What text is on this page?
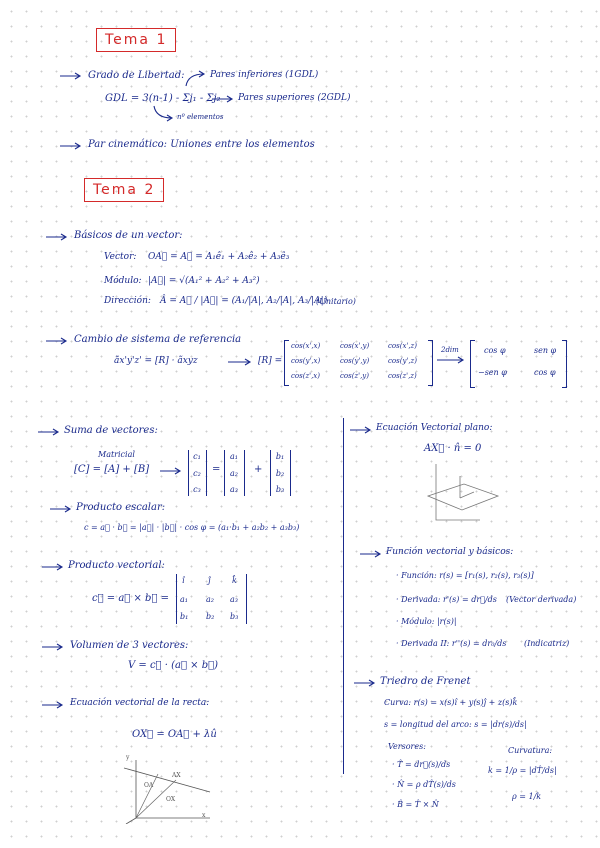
Tema 1
Grado de Libertad:	Pares inferiores (1GDL)
GDL = 3(n-1) - Σj₁ - Σj₂ Pares superiores (2GDL)
nº elementos
Par cinemático: Uniones entre los elementos
Tema 2
Básicos de un vector:
Vector: OA⃗ = A⃗ = A₁ê₁ + A₂ê₂ + A₃ê₃
Módulo: |A⃗| = √(A₁² + A₂² + A₃²)
Dirección: Â = A⃗ / |A⃗| = (A₁/|A|, A₂/|A|, A₃/|A|)
(Unitario)
Cambio de sistema de referencia
ãx'y'z' = [R] · ãxyz	[R] =
cos(x',x)	cos(x',y)	cos(x',z)
cos(y',x)	cos(y',y)	cos(y',z)
cos(z',x)	cos(z',y)	cos(z',z)
2dim	cos φ	sen φ
−sen φ	cos φ
Suma de vectores:
Matricial
[C] = [A] + [B]
c₁
c₂
c₃
=
a₁
a₂
a₃
+
b₁
b₂
b₃
Producto escalar:
c = a⃗ · b⃗ = |a⃗| · |b⃗| · cos φ = (a₁·b₁ + a₂b₂ + a₃b₃)
Producto vectorial:
c⃗ = a⃗ × b⃗ =
î	ĵ	k̂
a₁ a₂ a₃
b₁ b₂ b₃
Volumen de 3 vectores:
V = c⃗ · (a⃗ × b⃗)
Ecuación vectorial de la recta:
OX⃗ = OA⃗ + λû
OA
OX
AX
x
y
Ecuación Vectorial plano:
AX⃗ · n̂ = 0
Función vectorial y básicos:
· Función: r(s) = [r₁(s), r₂(s), r₃(s)]
· Derivada: r'(s) = dr⃗/ds (Vector derivada)
· Módulo: |r(s)|
· Derivada II: r''(s) = dr₀/ds (Indicatriz)
Triedro de Frenet
Curva: r(s) = x(s)î + y(s)ĵ + z(s)k̂
s = longitud del arco: s = |dr(s)/ds|
Versores:	Curvatura:
· T̂ = dr⃗(s)/ds
· N̂ = ρ dT̂(s)/ds
· B̂ = T̂ × N̂
k = 1/ρ = |dT̂/ds|
ρ = 1/k
